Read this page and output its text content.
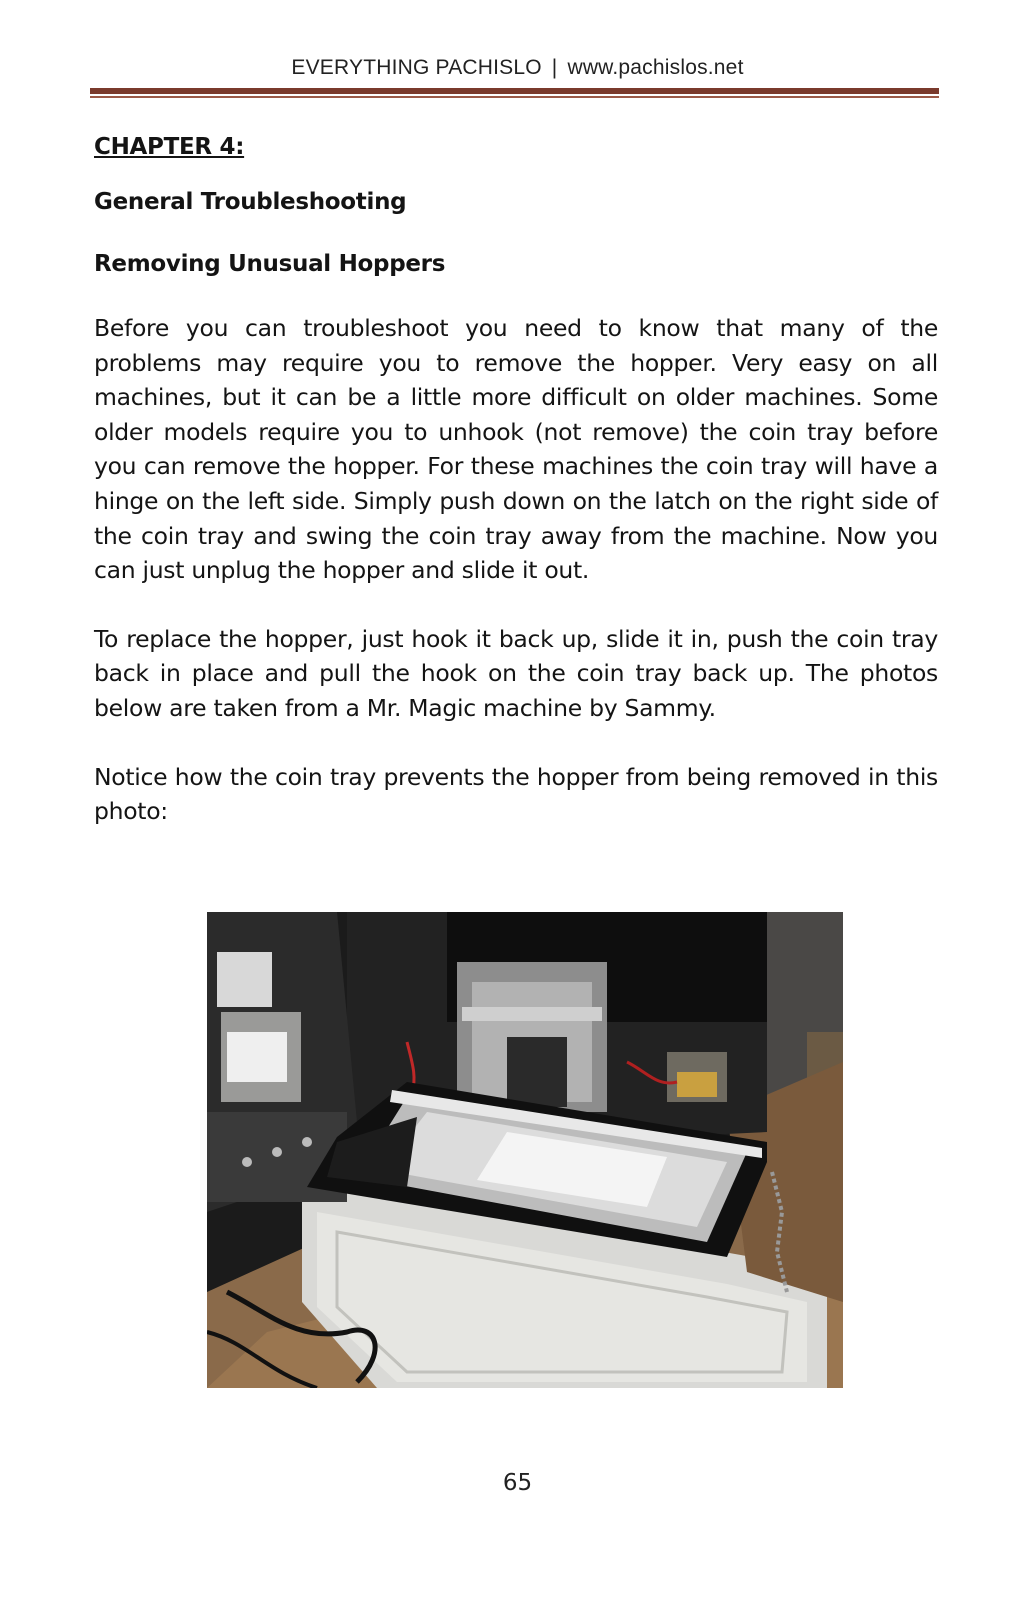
EVERYTHING PACHISLO | www.pachislos.net
CHAPTER 4:
General Troubleshooting
Removing Unusual Hoppers

Before you can troubleshoot you need to know that many of the problems may require you to remove the hopper. Very easy on all machines, but it can be a little more difficult on older machines. Some older models require you to unhook (not remove) the coin tray before you can remove the hopper. For these machines the coin tray will have a hinge on the left side. Simply push down on the latch on the right side of the coin tray and swing the coin tray away from the machine. Now you can just unplug the hopper and slide it out.

To replace the hopper, just hook it back up, slide it in, push the coin tray back in place and pull the hook on the coin tray back up. The photos below are taken from a Mr. Magic machine by Sammy.

Notice how the coin tray prevents the hopper from being removed in this photo:

65
